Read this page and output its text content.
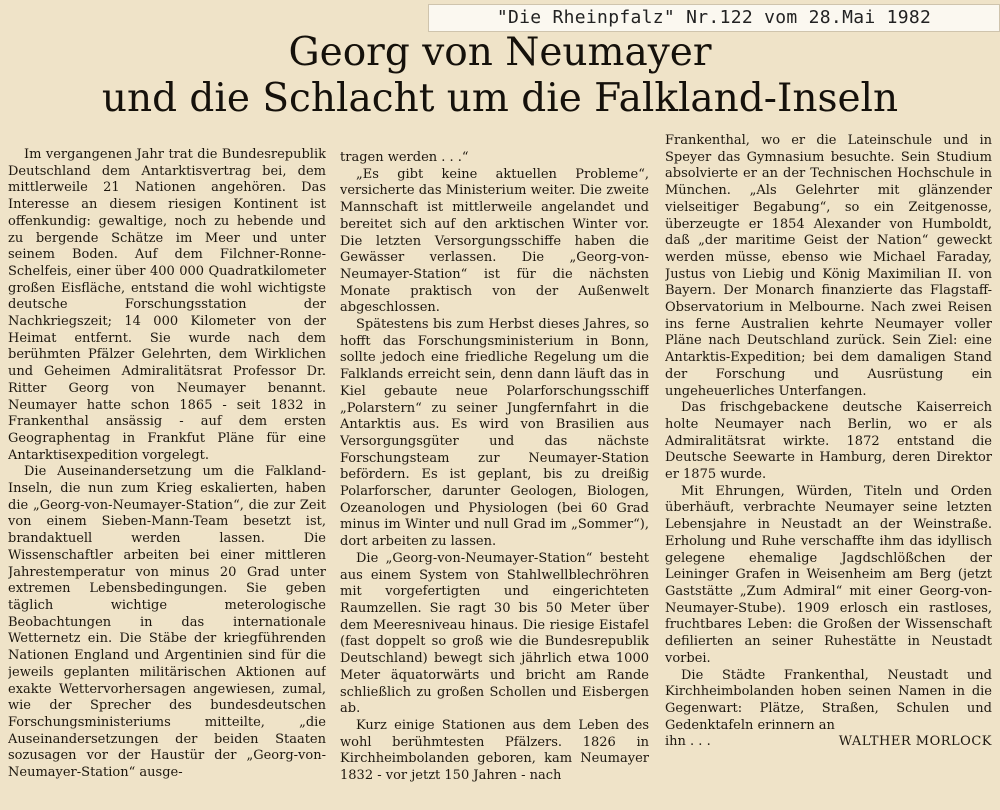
"Die Rheinpfalz" Nr.122 vom 28.Mai 1982
Georg von Neumayer
und die Schlacht um die Falkland-Inseln

Im vergangenen Jahr trat die Bundesrepublik Deutschland dem Antarktisvertrag bei, dem mittlerweile 21 Nationen angehören. Das Interesse an diesem riesigen Kontinent ist offenkundig: gewaltige, noch zu hebende und zu bergende Schätze im Meer und unter seinem Boden. Auf dem Filchner-Ronne-Schelfeis, einer über 400 000 Quadratkilometer großen Eisfläche, entstand die wohl wichtigste deutsche Forschungsstation der Nachkriegszeit; 14 000 Kilometer von der Heimat entfernt. Sie wurde nach dem berühmten Pfälzer Gelehrten, dem Wirklichen und Geheimen Admiralitätsrat Professor Dr. Ritter Georg von Neumayer benannt. Neumayer hatte schon 1865 - seit 1832 in Frankenthal ansässig - auf dem ersten Geographentag in Frankfut Pläne für eine Antarktisexpedition vorgelegt.

Die Auseinandersetzung um die Falkland-Inseln, die nun zum Krieg eskalierten, haben die „Georg-von-Neumayer-Station“, die zur Zeit von einem Sieben-Mann-Team besetzt ist, brandaktuell werden lassen. Die Wissenschaftler arbeiten bei einer mittleren Jahrestemperatur von minus 20 Grad unter extremen Lebensbedingungen. Sie geben täglich wichtige meterologische Beobachtungen in das internationale Wetternetz ein. Die Stäbe der kriegführenden Nationen England und Argentinien sind für die jeweils geplanten militärischen Aktionen auf exakte Wettervorhersagen angewiesen, zumal, wie der Sprecher des bundesdeutschen Forschungsministeriums mitteilte, „die Auseinandersetzungen der beiden Staaten sozusagen vor der Haustür der „Georg-von-Neumayer-Station“ ausge-

tragen werden . . .“

„Es gibt keine aktuellen Probleme“, versicherte das Ministerium weiter. Die zweite Mannschaft ist mittlerweile angelandet und bereitet sich auf den arktischen Winter vor. Die letzten Versorgungsschiffe haben die Gewässer verlassen. Die „Georg-von-Neumayer-Station“ ist für die nächsten Monate praktisch von der Außenwelt abgeschlossen.

Spätestens bis zum Herbst dieses Jahres, so hofft das Forschungsministerium in Bonn, sollte jedoch eine friedliche Regelung um die Falklands erreicht sein, denn dann läuft das in Kiel gebaute neue Polarforschungsschiff „Polarstern“ zu seiner Jungfernfahrt in die Antarktis aus. Es wird von Brasilien aus Versorgungsgüter und das nächste Forschungsteam zur Neumayer-Station befördern. Es ist geplant, bis zu dreißig Polarforscher, darunter Geologen, Biologen, Ozeanologen und Physiologen (bei 60 Grad minus im Winter und null Grad im „Sommer“), dort arbeiten zu lassen.

Die „Georg-von-Neumayer-Station“ besteht aus einem System von Stahlwellblechröhren mit vorgefertigten und eingerichteten Raumzellen. Sie ragt 30 bis 50 Meter über dem Meeresniveau hinaus. Die riesige Eistafel (fast doppelt so groß wie die Bundesrepublik Deutschland) bewegt sich jährlich etwa 1000 Meter äquatorwärts und bricht am Rande schließlich zu großen Schollen und Eisbergen ab.

Kurz einige Stationen aus dem Leben des wohl berühmtesten Pfälzers. 1826 in Kirchheimbolanden geboren, kam Neumayer 1832 - vor jetzt 150 Jahren - nach

Frankenthal, wo er die Lateinschule und in Speyer das Gymnasium besuchte. Sein Studium absolvierte er an der Technischen Hochschule in München. „Als Gelehrter mit glänzender vielseitiger Begabung“, so ein Zeitgenosse, überzeugte er 1854 Alexander von Humboldt, daß „der maritime Geist der Nation“ geweckt werden müsse, ebenso wie Michael Faraday, Justus von Liebig und König Maximilian II. von Bayern. Der Monarch finanzierte das Flagstaff-Observatorium in Melbourne. Nach zwei Reisen ins ferne Australien kehrte Neumayer voller Pläne nach Deutschland zurück. Sein Ziel: eine Antarktis-Expedition; bei dem damaligen Stand der Forschung und Ausrüstung ein ungeheuerliches Unterfangen.

Das frischgebackene deutsche Kaiserreich holte Neumayer nach Berlin, wo er als Admiralitätsrat wirkte. 1872 entstand die Deutsche Seewarte in Hamburg, deren Direktor er 1875 wurde.

Mit Ehrungen, Würden, Titeln und Orden überhäuft, verbrachte Neumayer seine letzten Lebensjahre in Neustadt an der Weinstraße. Erholung und Ruhe verschaffte ihm das idyllisch gelegene ehemalige Jagdschlößchen der Leininger Grafen in Weisenheim am Berg (jetzt Gaststätte „Zum Admiral“ mit einer Georg-von-Neumayer-Stube). 1909 erlosch ein rastloses, fruchtbares Leben: die Großen der Wissenschaft defilierten an seiner Ruhestätte in Neustadt vorbei.

Die Städte Frankenthal, Neustadt und Kirchheimbolanden hoben seinen Namen in die Gegenwart: Plätze, Straßen, Schulen und Gedenktafeln erinnern an

ihn . . .	WALTHER MORLOCK
